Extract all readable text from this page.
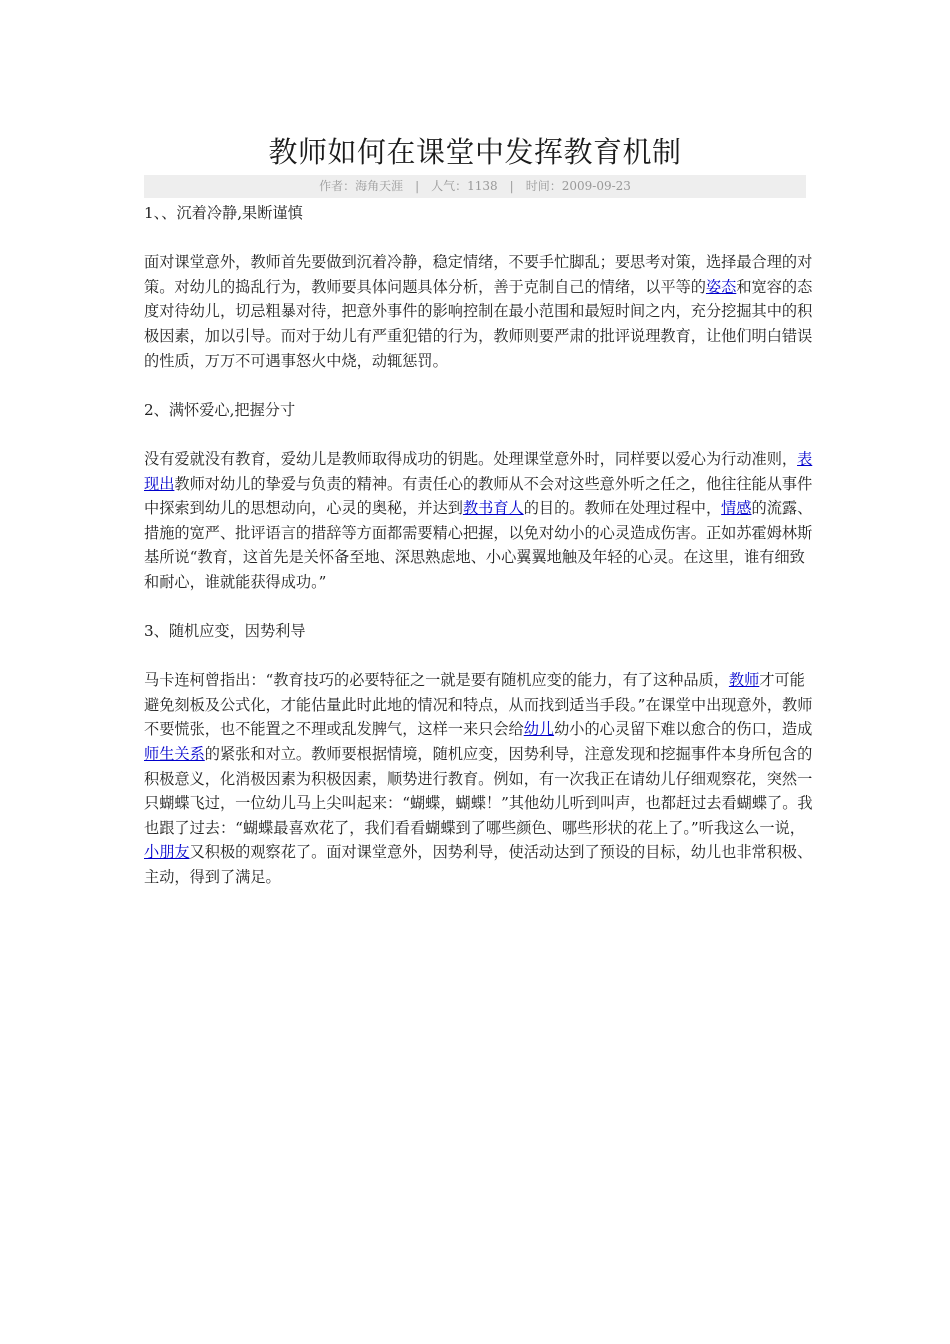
教师如何在课堂中发挥教育机制
作者：海角天涯 | 人气：1138 | 时间：2009-09-23

1、、沉着冷静,果断谨慎

面对课堂意外，教师首先要做到沉着冷静，稳定情绪，不要手忙脚乱；要思考对策，选择最合理的对策。对幼儿的捣乱行为，教师要具体问题具体分析，善于克制自己的情绪，以平等的姿态和宽容的态度对待幼儿，切忌粗暴对待，把意外事件的影响控制在最小范围和最短时间之内，充分挖掘其中的积极因素，加以引导。而对于幼儿有严重犯错的行为，教师则要严肃的批评说理教育，让他们明白错误的性质，万万不可遇事怒火中烧，动辄惩罚。

2、满怀爱心,把握分寸

没有爱就没有教育，爱幼儿是教师取得成功的钥匙。处理课堂意外时，同样要以爱心为行动准则，表现出教师对幼儿的挚爱与负责的精神。有责任心的教师从不会对这些意外听之任之，他往往能从事件中探索到幼儿的思想动向，心灵的奥秘，并达到教书育人的目的。教师在处理过程中，情感的流露、措施的宽严、批评语言的措辞等方面都需要精心把握，以免对幼小的心灵造成伤害。正如苏霍姆林斯基所说“教育，这首先是关怀备至地、深思熟虑地、小心翼翼地触及年轻的心灵。在这里，谁有细致和耐心，谁就能获得成功。”

3、随机应变，因势利导

马卡连柯曾指出：“教育技巧的必要特征之一就是要有随机应变的能力，有了这种品质，教师才可能避免刻板及公式化，才能估量此时此地的情况和特点，从而找到适当手段。”在课堂中出现意外，教师不要慌张，也不能置之不理或乱发脾气，这样一来只会给幼儿幼小的心灵留下难以愈合的伤口，造成师生关系的紧张和对立。教师要根据情境，随机应变，因势利导，注意发现和挖掘事件本身所包含的积极意义，化消极因素为积极因素，顺势进行教育。例如，有一次我正在请幼儿仔细观察花，突然一只蝴蝶飞过，一位幼儿马上尖叫起来：“蝴蝶，蝴蝶！”其他幼儿听到叫声，也都赶过去看蝴蝶了。我也跟了过去：“蝴蝶最喜欢花了，我们看看蝴蝶到了哪些颜色、哪些形状的花上了。”听我这么一说，小朋友又积极的观察花了。面对课堂意外，因势利导，使活动达到了预设的目标，幼儿也非常积极、主动，得到了满足。
